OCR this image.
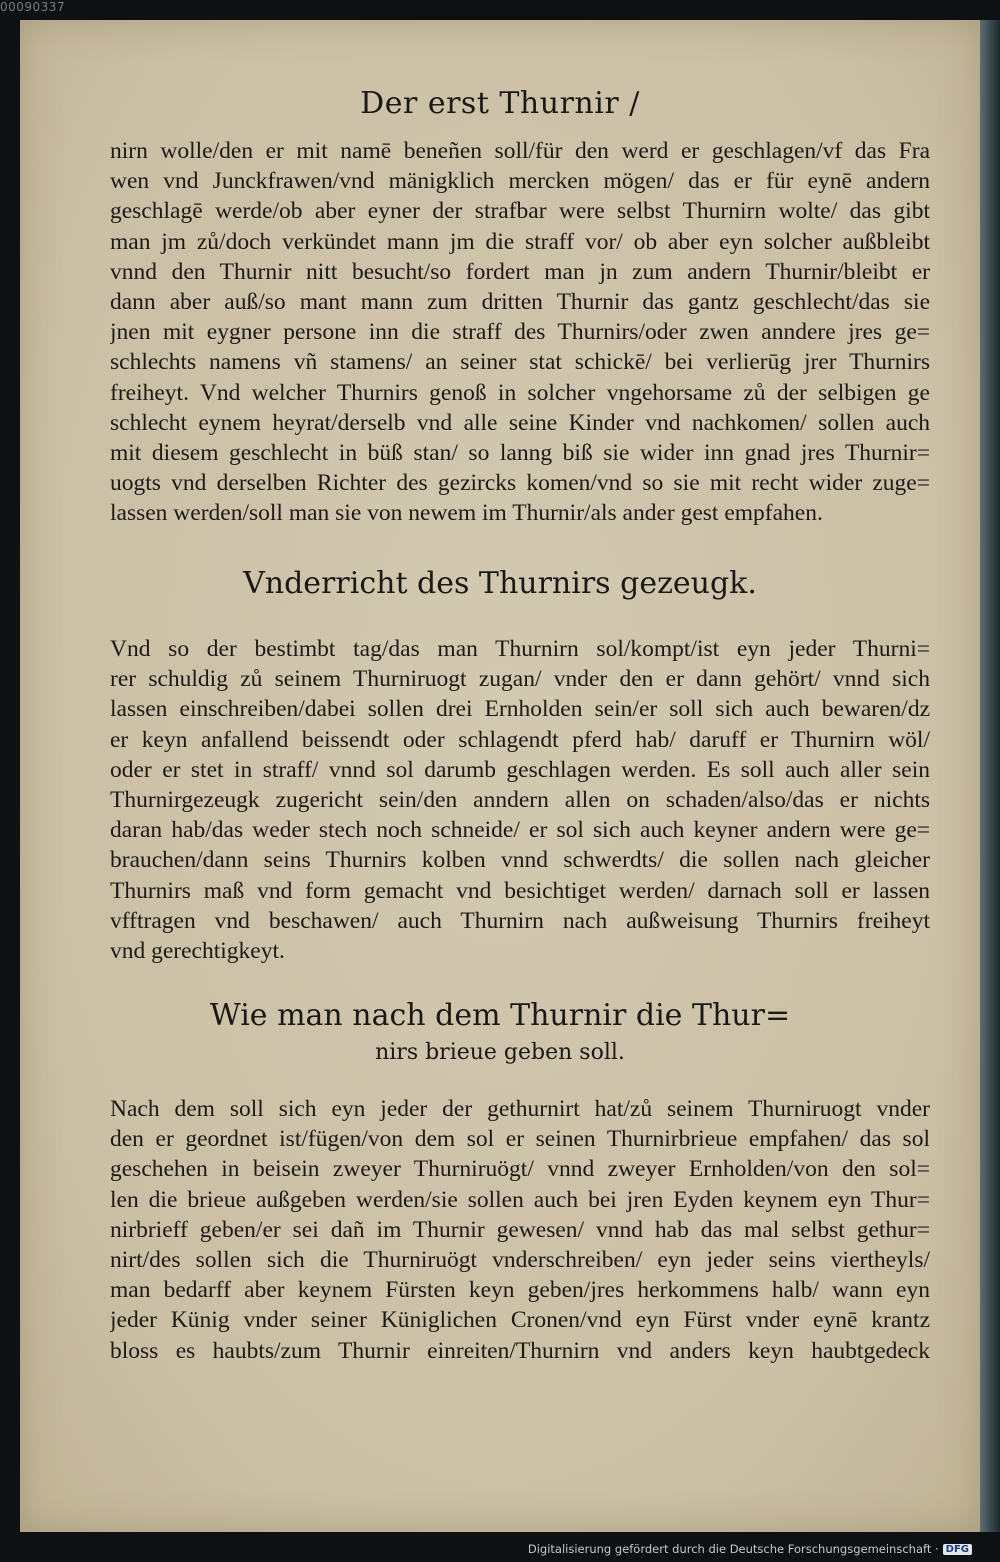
00090337
Der erst Thurnir /
nirn wolle/den er mit namē beneñen soll/für den werd er geschlagen/vf das Fra
wen vnd Junckfrawen/vnd mänigklich mercken mögen/ das er für eynē andern
geschlagē werde/ob aber eyner der strafbar were selbst Thurnirn wolte/ das gibt
man jm zů/doch verkündet mann jm die straff vor/ ob aber eyn solcher außbleibt
vnnd den Thurnir nitt besucht/so fordert man jn zum andern Thurnir/bleibt er
dann aber auß/so mant mann zum dritten Thurnir das gantz geschlecht/das sie
jnen mit eygner persone inn die straff des Thurnirs/oder zwen anndere jres ge=
schlechts namens vñ stamens/ an seiner stat schickē/ bei verlierūg jrer Thurnirs
freiheyt. Vnd welcher Thurnirs genoß in solcher vngehorsame zů der selbigen ge
schlecht eynem heyrat/derselb vnd alle seine Kinder vnd nachkomen/ sollen auch
mit diesem geschlecht in büß stan/ so lanng biß sie wider inn gnad jres Thurnir=
uogts vnd derselben Richter des gezircks komen/vnd so sie mit recht wider zuge=
lassen werden/soll man sie von newem im Thurnir/als ander gest empfahen.
Vnderricht des Thurnirs gezeugk.
Vnd so der bestimbt tag/das man Thurnirn sol/kompt/ist eyn jeder Thurni=
rer schuldig zů seinem Thurniruogt zugan/ vnder den er dann gehört/ vnnd sich
lassen einschreiben/dabei sollen drei Ernholden sein/er soll sich auch bewaren/dz
er keyn anfallend beissendt oder schlagendt pferd hab/ daruff er Thurnirn wöl/
oder er stet in straff/ vnnd sol darumb geschlagen werden. Es soll auch aller sein
Thurnirgezeugk zugericht sein/den anndern allen on schaden/also/das er nichts
daran hab/das weder stech noch schneide/ er sol sich auch keyner andern were ge=
brauchen/dann seins Thurnirs kolben vnnd schwerdts/ die sollen nach gleicher
Thurnirs maß vnd form gemacht vnd besichtiget werden/ darnach soll er lassen
vfftragen vnd beschawen/ auch Thurnirn nach außweisung Thurnirs freiheyt
vnd gerechtigkeyt.
Wie man nach dem Thurnir die Thur=
nirs brieue geben soll.
Nach dem soll sich eyn jeder der gethurnirt hat/zů seinem Thurniruogt vnder
den er geordnet ist/fügen/von dem sol er seinen Thurnirbrieue empfahen/ das sol
geschehen in beisein zweyer Thurniruögt/ vnnd zweyer Ernholden/von den sol=
len die brieue außgeben werden/sie sollen auch bei jren Eyden keynem eyn Thur=
nirbrieff geben/er sei dañ im Thurnir gewesen/ vnnd hab das mal selbst gethur=
nirt/des sollen sich die Thurniruögt vnderschreiben/ eyn jeder seins viertheyls/
man bedarff aber keynem Fürsten keyn geben/jres herkommens halb/ wann eyn
jeder Künig vnder seiner Küniglichen Cronen/vnd eyn Fürst vnder eynē krantz
bloss es haubts/zum Thurnir einreiten/Thurnirn vnd anders keyn haubtgedeck
Digitalisierung gefördert durch die Deutsche Forschungsgemeinschaft · DFG
